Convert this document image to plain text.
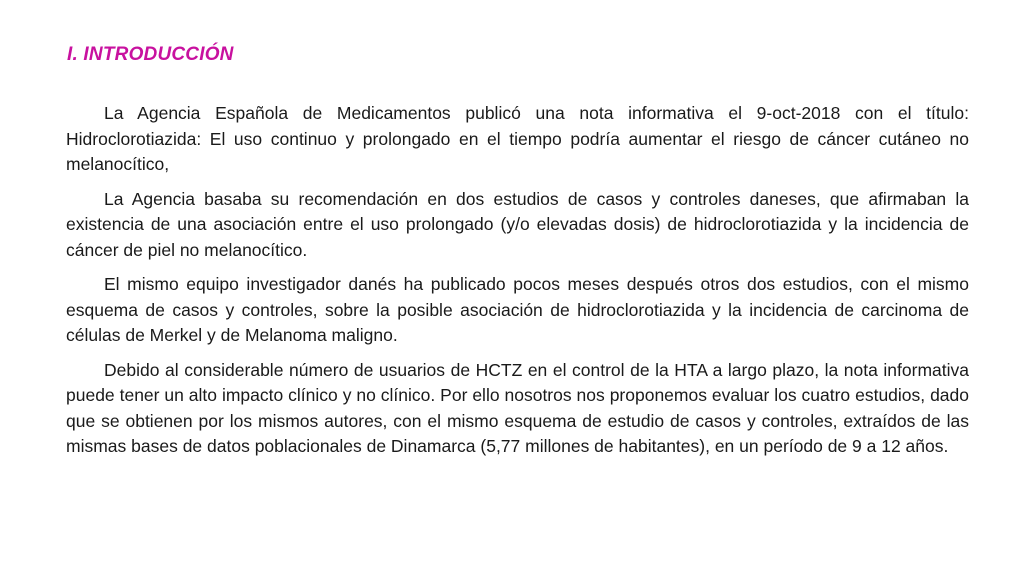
I. INTRODUCCIÓN

La Agencia Española de Medicamentos publicó una nota informativa el 9-oct-2018 con el título: Hidroclorotiazida: El uso continuo y prolongado en el tiempo podría aumentar el riesgo de cáncer cutáneo no melanocítico,

La Agencia basaba su recomendación en dos estudios de casos y controles daneses, que afirmaban la existencia de una asociación entre el uso prolongado (y/o elevadas dosis) de hidroclorotiazida y la incidencia de cáncer de piel no melanocítico.

El mismo equipo investigador danés ha publicado pocos meses después otros dos estudios, con el mismo esquema de casos y controles, sobre la posible asociación de hidroclorotiazida y la incidencia de carcinoma de células de Merkel y de Melanoma maligno.

Debido al considerable número de usuarios de HCTZ en el control de la HTA a largo plazo, la nota informativa puede tener un alto impacto clínico y no clínico. Por ello nosotros nos proponemos evaluar los cuatro estudios, dado que se obtienen por los mismos autores, con el mismo esquema de estudio de casos y controles, extraídos de las mismas bases de datos poblacionales de Dinamarca (5,77 millones de habitantes), en un período de 9 a 12 años.
